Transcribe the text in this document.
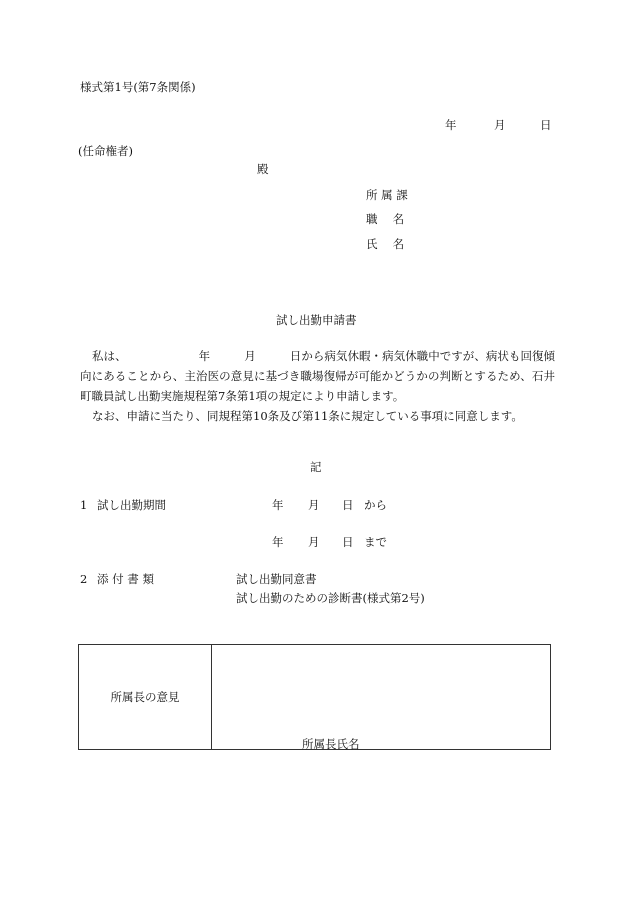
様式第1号(第7条関係)
年	月	日
(任命権者)
殿
所 属 課
職　 名
氏　 名
試し出勤申請書

私は、	年	月	日から病気休暇・病気休職中ですが、病状も回復傾向にあることから、主治医の意見に基づき職場復帰が可能かどうかの判断とするため、石井町職員試し出勤実施規程第7条第1項の規定により申請します。

なお、申請に当たり、同規程第10条及び第11条に規定している事項に同意します。

記
1 試し出勤期間	年 月 日 から
年 月 日 まで
2 添 付 書 類	試し出勤同意書
試し出勤のための診断書(様式第2号)
所属長の意見
所属長氏名
